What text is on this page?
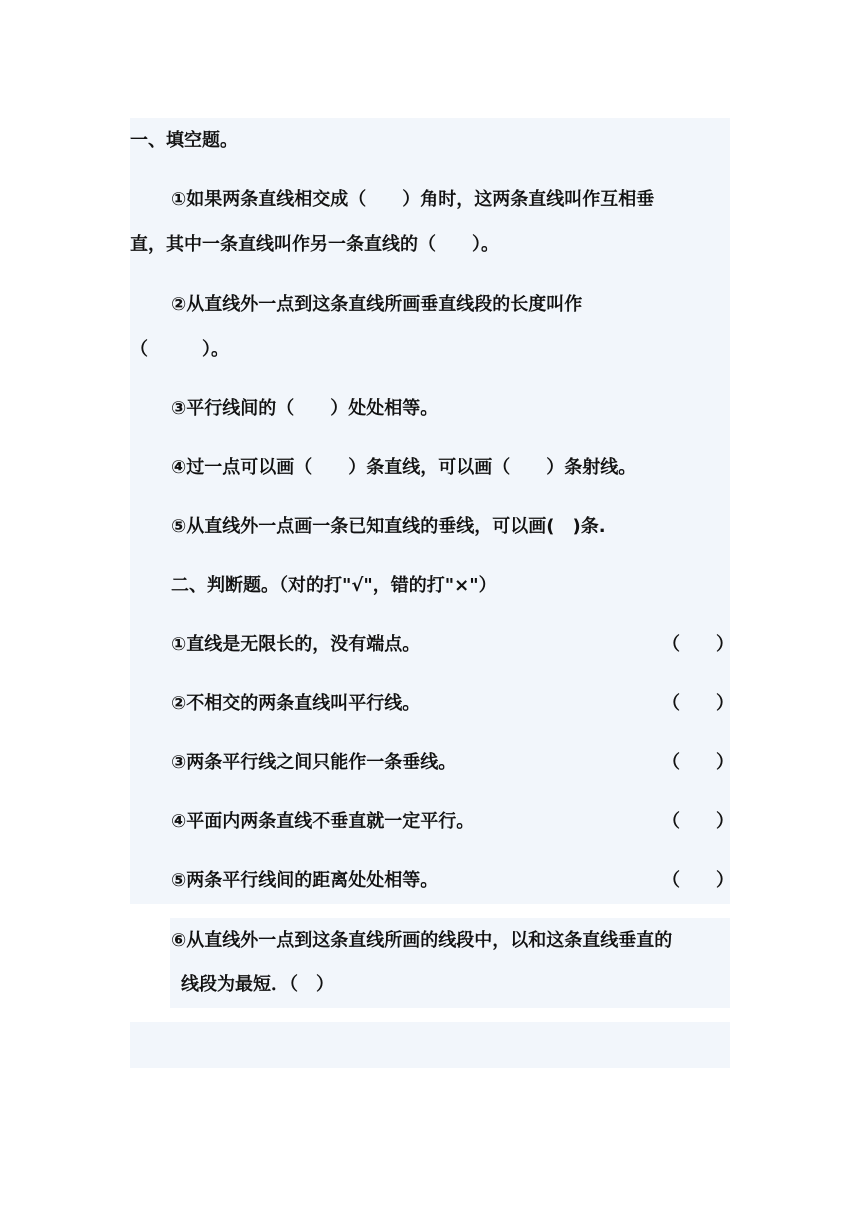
一、填空题。
①如果两条直线相交成（　　）角时，这两条直线叫作互相垂
直，其中一条直线叫作另一条直线的（　　）。
②从直线外一点到这条直线所画垂直线段的长度叫作
（　　　）。
③平行线间的（　　）处处相等。
④过一点可以画（　　）条直线，可以画（　　）条射线。
⑤从直线外一点画一条已知直线的垂线，可以画(　)条.
二、判断题。（对的打"√"，错的打"×"）
①直线是无限长的，没有端点。	（　　）
②不相交的两条直线叫平行线。	（　　）
③两条平行线之间只能作一条垂线。	（　　）
④平面内两条直线不垂直就一定平行。	（　　）
⑤两条平行线间的距离处处相等。	（　　）
⑥从直线外一点到这条直线所画的线段中，以和这条直线垂直的
线段为最短．（　）
